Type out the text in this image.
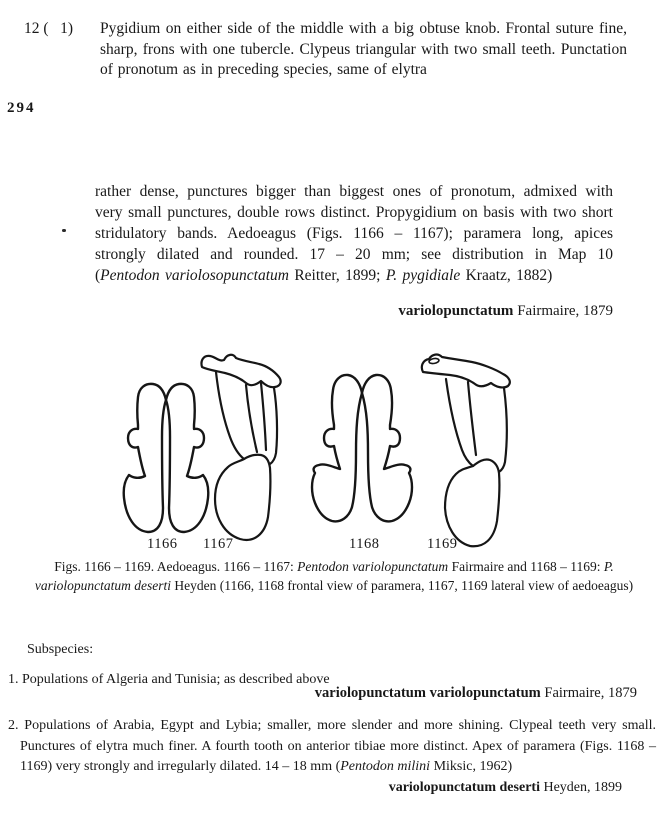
12 (   1)	Pygidium on either side of the middle with a big obtuse knob. Frontal suture fine, sharp, frons with one tubercle. Clypeus triangular with two small teeth. Punctation of pronotum as in preceding species, same of elytra
294
rather dense, punctures bigger than biggest ones of pronotum, admixed with very small punctures, double rows distinct. Propygidium on basis with two short stridulatory bands. Aedoeagus (Figs. 1166 – 1167); paramera long, apices strongly dilated and rounded. 17 – 20 mm; see distribution in Map 10 (Pentodon variolosopunctatum Reitter, 1899; P. pygidiale Kraatz, 1882)
variolopunctatum Fairmaire, 1879
1166 1167	1168	1169
Figs. 1166 – 1169. Aedoeagus. 1166 – 1167: Pentodon variolopunctatum Fairmaire and 1168 – 1169: P. variolopunctatum deserti Heyden (1166, 1168 frontal view of paramera, 1167, 1169 lateral view of aedoeagus)
Subspecies:
1. Populations of Algeria and Tunisia; as described above
variolopunctatum variolopunctatum Fairmaire, 1879
2. Populations of Arabia, Egypt and Lybia; smaller, more slender and more shining. Clypeal teeth very small. Punctures of elytra much finer. A fourth tooth on anterior tibiae more distinct. Apex of paramera (Figs. 1168 – 1169) very strongly and irregularly dilated. 14 – 18 mm (Pentodon milini Miksic, 1962)
variolopunctatum deserti Heyden, 1899
